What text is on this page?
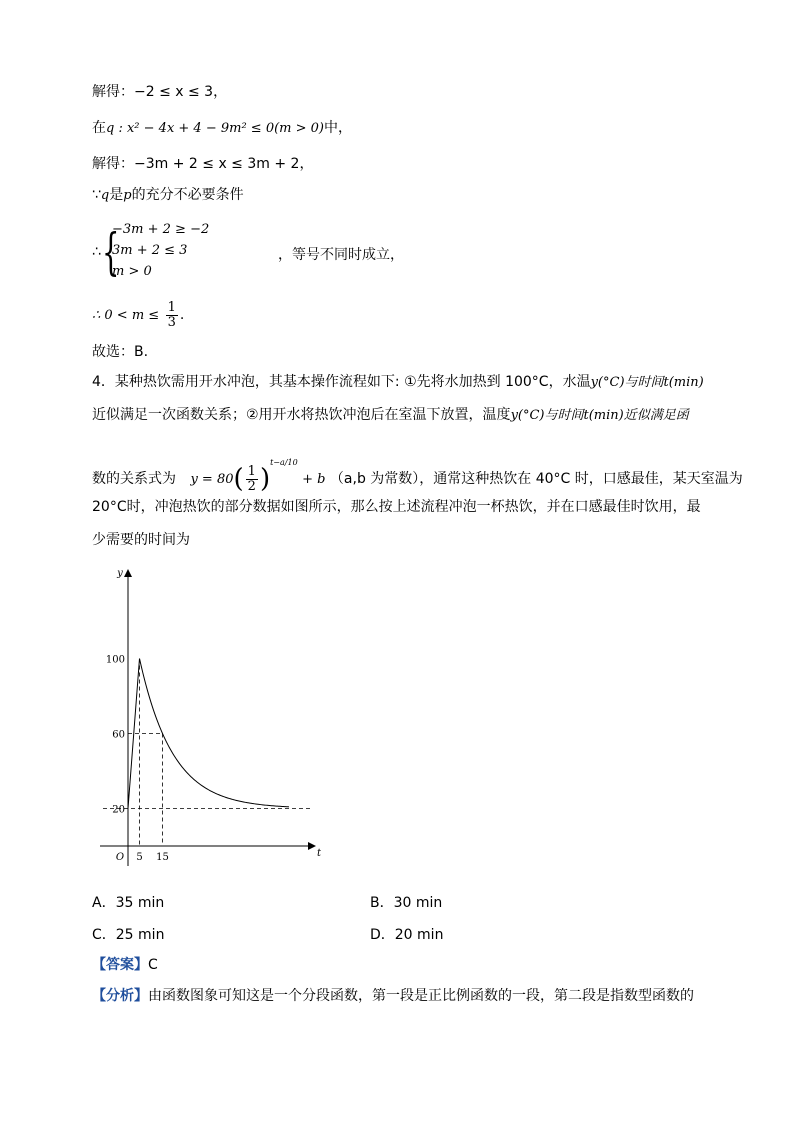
解得：−2 ≤ x ≤ 3，
在q : x² − 4x + 4 − 9m² ≤ 0(m > 0)中，
解得：−3m + 2 ≤ x ≤ 3m + 2，
∵q是p的充分不必要条件
∴ {
−3m + 2 ≥ −2
3m + 2 ≤ 3
m > 0
，等号不同时成立，
∴ $0 < m \le \frac{1}{3}$ .
故选：B.
4．某种热饮需用开水冲泡，其基本操作流程如下: ①先将水加热到 100°C，水温y(°C)与时间t(min)
近似满足一次函数关系；②用开水将热饮冲泡后在室温下放置，温度y(°C)与时间t(min)近似满足函
数的关系式为 $y = 80( \frac{1}{2} )^{t-a/10} + b$ （a,b 为常数），通常这种热饮在 40°C 时，口感最佳，某天室温为
20°C时，冲泡热饮的部分数据如图所示，那么按上述流程冲泡一杯热饮，并在口感最佳时饮用，最
少需要的时间为
t
y
O
20
60
100
5 15
A．35 min	B．30 min
C．25 min	D．20 min
【答案】C
【分析】由函数图象可知这是一个分段函数，第一段是正比例函数的一段，第二段是指数型函数的
